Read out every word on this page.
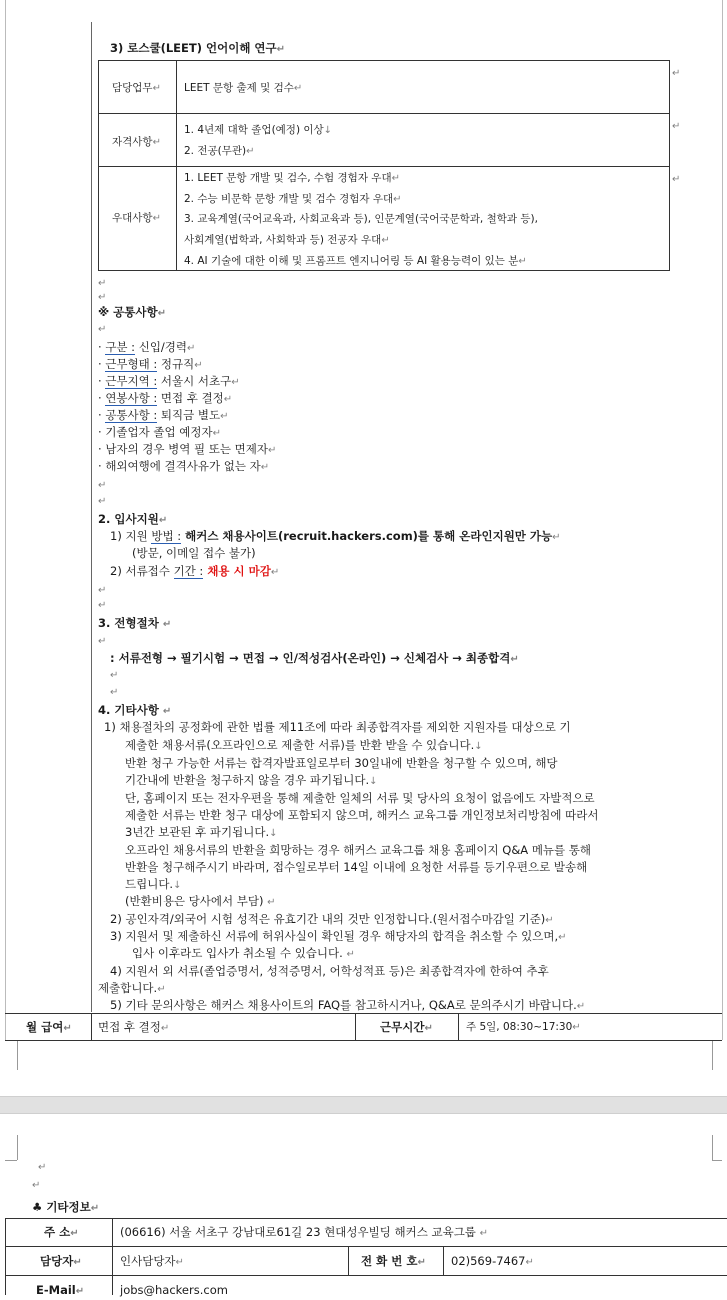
3) 로스쿨(LEET) 언어이해 연구↵
담당업무↵ LEET 문항 출제 및 검수↵
↵
자격사항↵
1. 4년제 대학 졸업(예정) 이상↓
2. 전공(무관)↵
↵
우대사항↵
1. LEET 문항 개발 및 검수, 수험 경험자 우대↵
2. 수능 비문학 문항 개발 및 검수 경험자 우대↵
3. 교육계열(국어교육과, 사회교육과 등), 인문계열(국어국문학과, 철학과 등),
사회계열(법학과, 사회학과 등) 전공자 우대↵
4. AI 기술에 대한 이해 및 프롬프트 엔지니어링 등 AI 활용능력이 있는 분↵
↵
↵
↵
※ 공통사항↵
↵
· 구분 : 신입/경력↵
· 근무형태 : 정규직↵
· 근무지역 : 서울시 서초구↵
· 연봉사항 : 면접 후 결정↵
· 공통사항 : 퇴직금 별도↵
· 기졸업자 졸업 예정자↵
· 남자의 경우 병역 필 또는 면제자↵
· 해외여행에 결격사유가 없는 자↵
↵
↵
2. 입사지원↵
1) 지원 방법 : 해커스 채용사이트(recruit.hackers.com)를 통해 온라인지원만 가능↵
(방문, 이메일 접수 불가)
2) 서류접수 기간 : 채용 시 마감↵
↵
↵
3. 전형절차 ↵
↵
: 서류전형 → 필기시험 → 면접 → 인/적성검사(온라인) → 신체검사 → 최종합격↵
↵
↵
4. 기타사항 ↵
1) 채용절차의 공정화에 관한 법률 제11조에 따라 최종합격자를 제외한 지원자를 대상으로 기
제출한 채용서류(오프라인으로 제출한 서류)를 반환 받을 수 있습니다.↓
반환 청구 가능한 서류는 합격자발표일로부터 30일내에 반환을 청구할 수 있으며, 해당
기간내에 반환을 청구하지 않을 경우 파기됩니다.↓
단, 홈페이지 또는 전자우편을 통해 제출한 일체의 서류 및 당사의 요청이 없음에도 자발적으로
제출한 서류는 반환 청구 대상에 포함되지 않으며, 해커스 교육그룹 개인정보처리방침에 따라서
3년간 보관된 후 파기됩니다.↓
오프라인 채용서류의 반환을 희망하는 경우 해커스 교육그룹 채용 홈페이지 Q&A 메뉴를 통해
반환을 청구해주시기 바라며, 접수일로부터 14일 이내에 요청한 서류를 등기우편으로 발송해
드립니다.↓
(반환비용은 당사에서 부담) ↵
2) 공인자격/외국어 시험 성적은 유효기간 내의 것만 인정합니다.(원서접수마감일 기준)↵
3) 지원서 및 제출하신 서류에 허위사실이 확인될 경우 해당자의 합격을 취소할 수 있으며,↵
입사 이후라도 입사가 취소될 수 있습니다. ↵
4) 지원서 외 서류(졸업증명서, 성적증명서, 어학성적표 등)은 최종합격자에 한하여 추후
제출합니다.↵
5) 기타 문의사항은 해커스 채용사이트의 FAQ를 참고하시거나, Q&A로 문의주시기 바랍니다.↵
월 급여↵ 면접 후 결정↵	근무시간↵	주 5일, 08:30~17:30↵
↵
↵
♣ 기타정보↵
주 소↵	(06616) 서울 서초구 강남대로61길 23 현대성우빌딩 해커스 교육그룹 ↵
담당자↵	인사담당자↵	전 화 번 호↵ 02)569-7467↵
E-Mail↵	jobs@hackers.com
